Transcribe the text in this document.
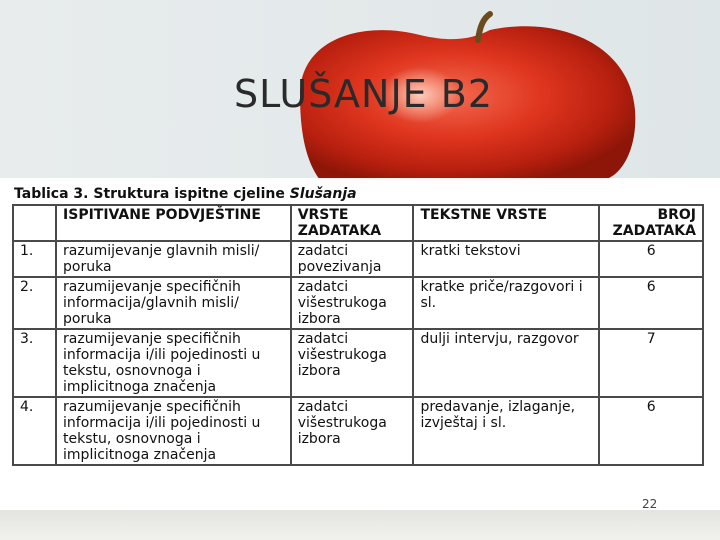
SLUŠANJE B2
Tablica 3. Struktura ispitne cjeline Slušanja
	ISPITIVANE PODVJEŠTINE	VRSTE ZADATAKA	TEKSTNE VRSTE	BROJ ZADATAKA
1.	razumijevanje glavnih misli/ poruka	zadatci povezivanja	kratki tekstovi	6
2.	razumijevanje specifičnih informacija/glavnih misli/ poruka	zadatci višestrukoga izbora	kratke priče/razgovori i sl.	6
3.	razumijevanje specifičnih informacija i/ili pojedinosti u tekstu, osnovnoga i implicitnoga značenja	zadatci višestrukoga izbora	dulji intervju, razgovor	7
4.	razumijevanje specifičnih informacija i/ili pojedinosti u tekstu, osnovnoga i implicitnoga značenja	zadatci višestrukoga izbora	predavanje, izlaganje, izvještaj i sl.	6
22
